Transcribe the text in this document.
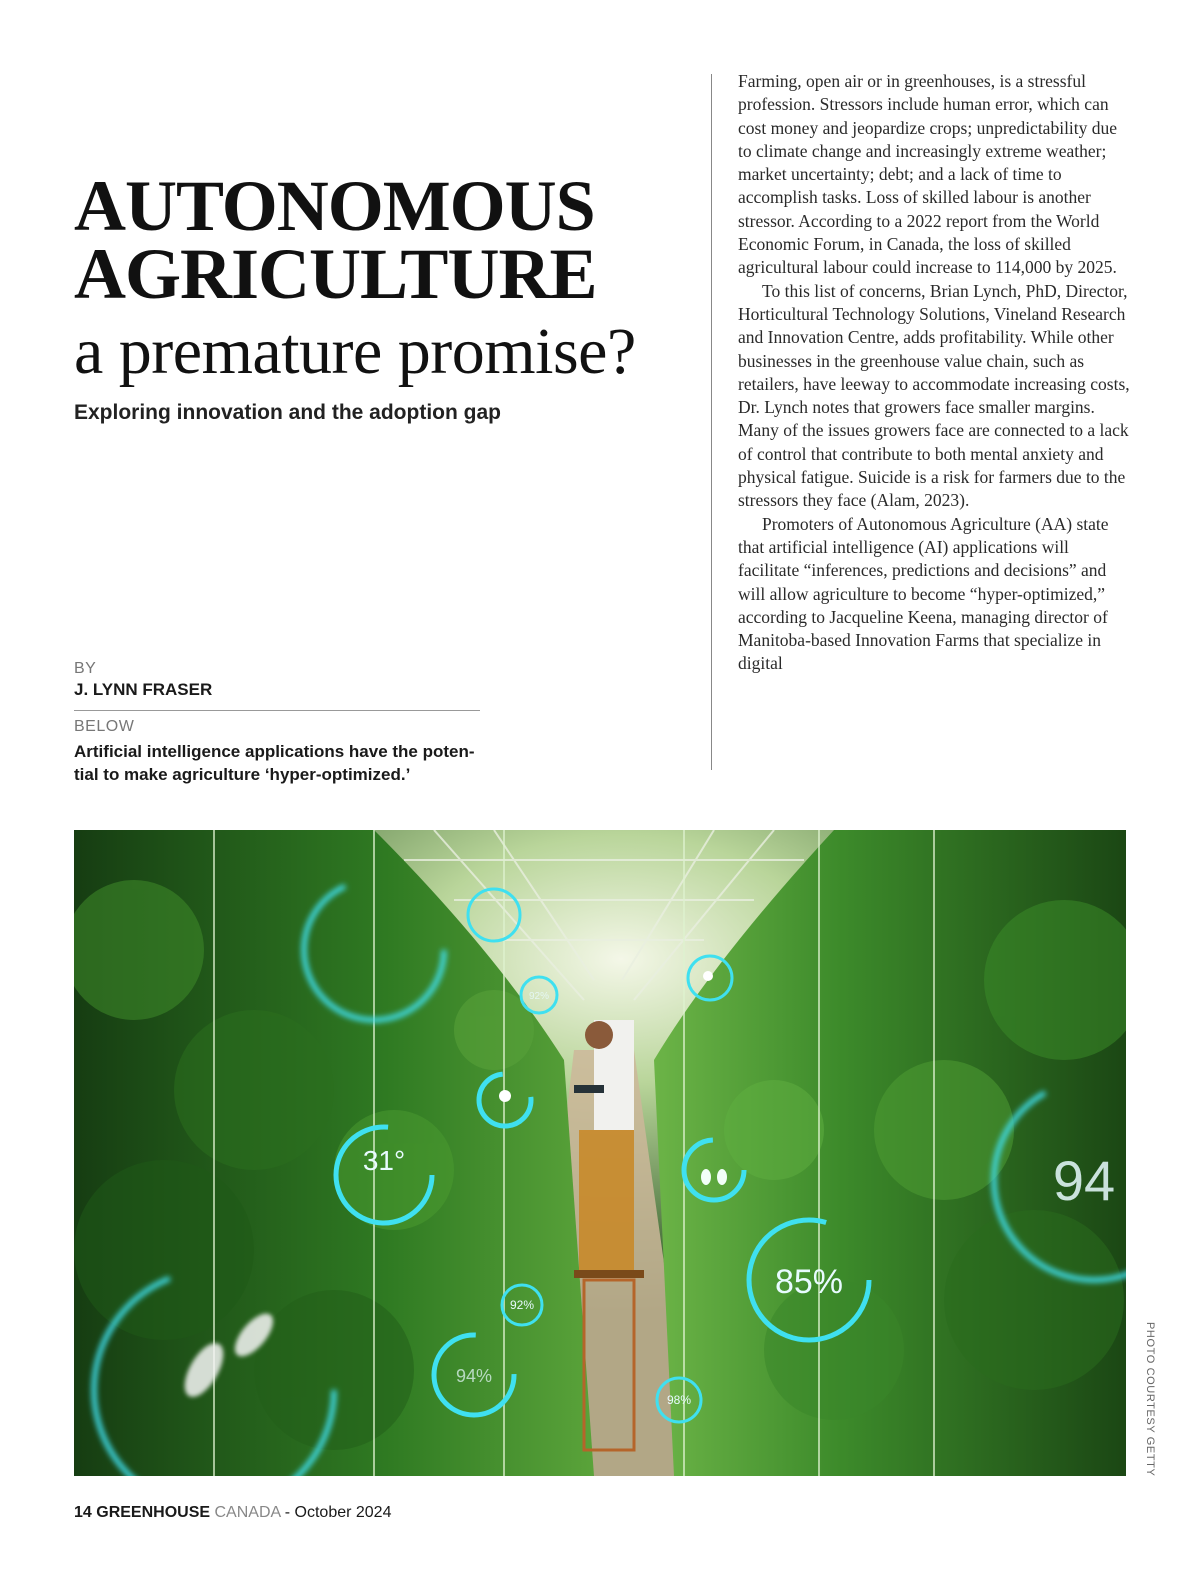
AUTONOMOUS
AGRICULTURE
a premature promise?

Exploring innovation and the adoption gap

BY
J. LYNN FRASER
BELOW
Artificial intelligence applications have the poten-tial to make agriculture ‘hyper-optimized.’

Farming, open air or in greenhouses, is a stressful profession. Stressors include human error, which can cost money and jeopardize crops; unpredictability due to climate change and increasingly extreme weather; market uncertainty; debt; and a lack of time to accomplish tasks. Loss of skilled labour is another stressor. According to a 2022 report from the World Economic Forum, in Canada, the loss of skilled agricultural labour could increase to 114,000 by 2025.

To this list of concerns, Brian Lynch, PhD, Director, Horticultural Technology Solutions, Vineland Research and Innovation Centre, adds profitability. While other businesses in the greenhouse value chain, such as retailers, have leeway to accommodate increasing costs, Dr. Lynch notes that growers face smaller margins. Many of the issues growers face are connected to a lack of control that contribute to both mental anxiety and physical fatigue. Suicide is a risk for farmers due to the stressors they face (Alam, 2023).

Promoters of Autonomous Agriculture (AA) state that artificial intelligence (AI) applications will facilitate “inferences, predictions and decisions” and will allow agriculture to become “hyper-optimized,” according to Jacqueline Keena, managing director of Manitoba-based Innovation Farms that specialize in digital

31°	94
85%
92%
94%
98%
92%
PHOTO COURTESY GETTY
14 GREENHOUSE CANADA - October 2024
